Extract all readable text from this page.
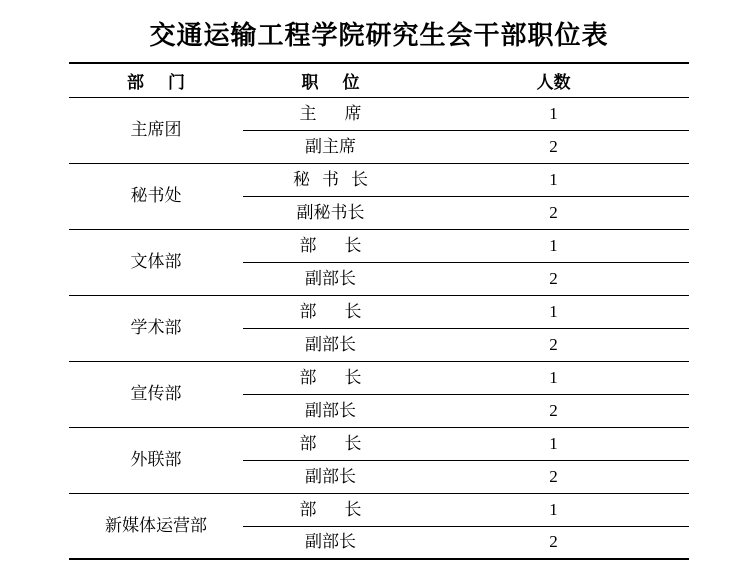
交通运输工程学院研究生会干部职位表
部门	职位	人数
主席团	主席	1
	副主席	2
秘书处	秘书长	1
	副秘书长	2
文体部	部长	1
	副部长	2
学术部	部长	1
	副部长	2
宣传部	部长	1
	副部长	2
外联部	部长	1
	副部长	2
新媒体运营部	部长	1
	副部长	2
